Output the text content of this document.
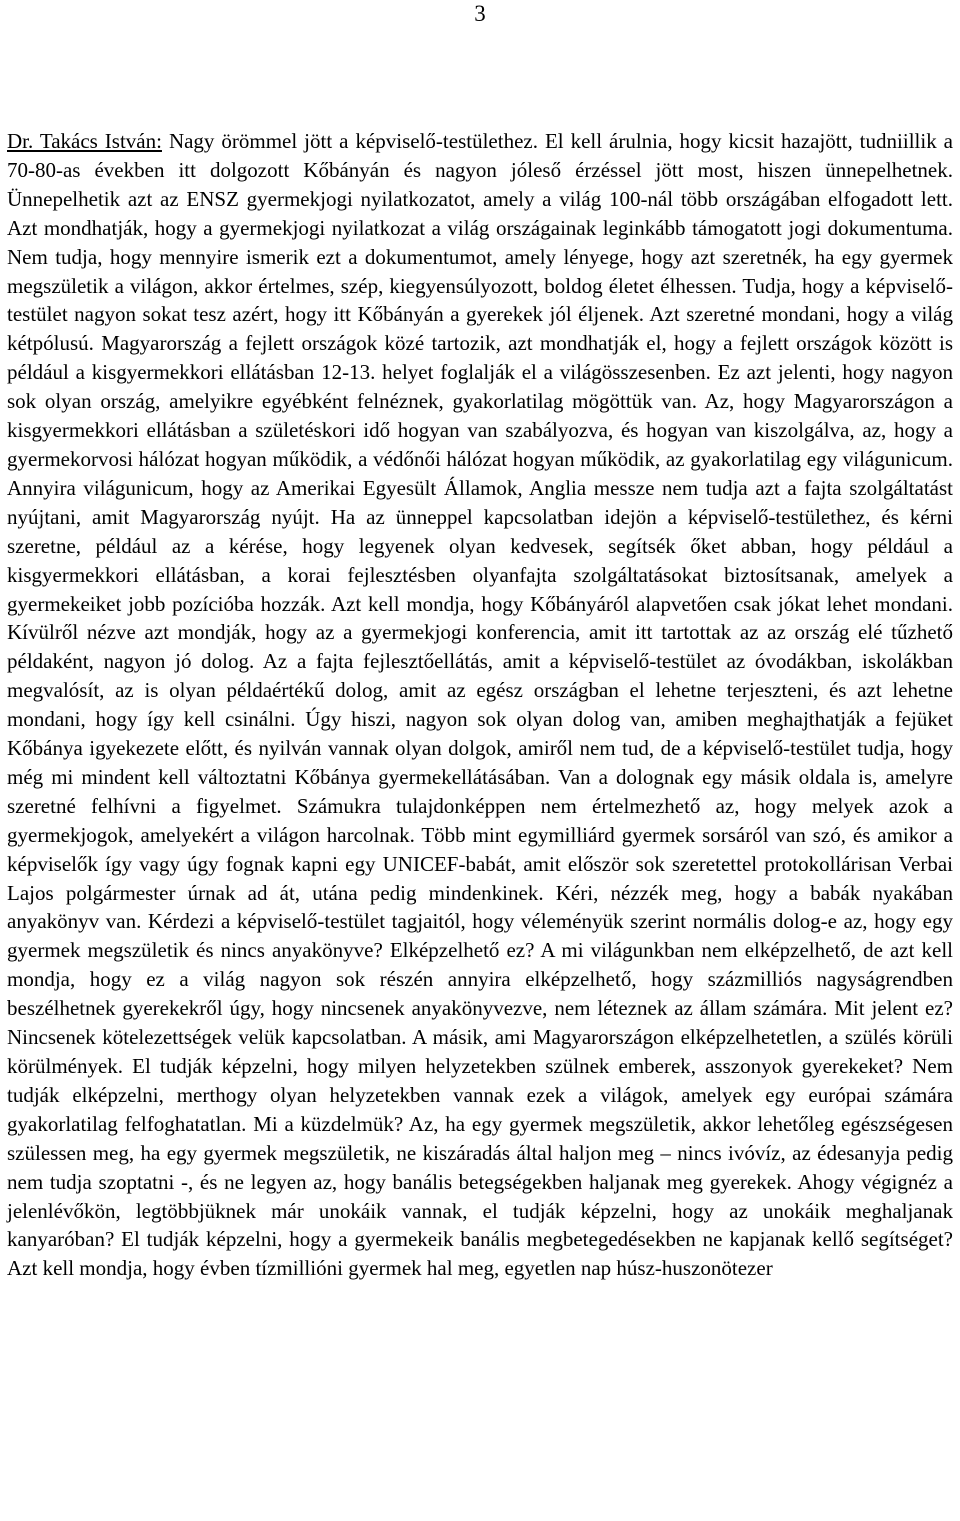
3

Dr. Takács István: Nagy örömmel jött a képviselő-testülethez. El kell árulnia, hogy kicsit hazajött, tudniillik a 70-80-as években itt dolgozott Kőbányán és nagyon jóleső érzéssel jött most, hiszen ünnepelhetnek. Ünnepelhetik azt az ENSZ gyermekjogi nyilatkozatot, amely a világ 100-nál több országában elfogadott lett. Azt mondhatják, hogy a gyermekjogi nyilatkozat a világ országainak leginkább támogatott jogi dokumentuma. Nem tudja, hogy mennyire ismerik ezt a dokumentumot, amely lényege, hogy azt szeretnék, ha egy gyermek megszületik a világon, akkor értelmes, szép, kiegyensúlyozott, boldog életet élhessen. Tudja, hogy a képviselő-testület nagyon sokat tesz azért, hogy itt Kőbányán a gyerekek jól éljenek. Azt szeretné mondani, hogy a világ kétpólusú. Magyarország a fejlett országok közé tartozik, azt mondhatják el, hogy a fejlett országok között is például a kisgyermekkori ellátásban 12-13. helyet foglalják el a világösszesenben. Ez azt jelenti, hogy nagyon sok olyan ország, amelyikre egyébként felnéznek, gyakorlatilag mögöttük van. Az, hogy Magyarországon a kisgyermekkori ellátásban a születéskori idő hogyan van szabályozva, és hogyan van kiszolgálva, az, hogy a gyermekorvosi hálózat hogyan működik, a védőnői hálózat hogyan működik, az gyakorlatilag egy világunicum. Annyira világunicum, hogy az Amerikai Egyesült Államok, Anglia messze nem tudja azt a fajta szolgáltatást nyújtani, amit Magyarország nyújt. Ha az ünneppel kapcsolatban idejön a képviselő-testülethez, és kérni szeretne, például az a kérése, hogy legyenek olyan kedvesek, segítsék őket abban, hogy például a kisgyermekkori ellátásban, a korai fejlesztésben olyanfajta szolgáltatásokat biztosítsanak, amelyek a gyermekeiket jobb pozícióba hozzák. Azt kell mondja, hogy Kőbányáról alapvetően csak jókat lehet mondani. Kívülről nézve azt mondják, hogy az a gyermekjogi konferencia, amit itt tartottak az az ország elé tűzhető példaként, nagyon jó dolog. Az a fajta fejlesztőellátás, amit a képviselő-testület az óvodákban, iskolákban megvalósít, az is olyan példaértékű dolog, amit az egész országban el lehetne terjeszteni, és azt lehetne mondani, hogy így kell csinálni. Úgy hiszi, nagyon sok olyan dolog van, amiben meghajthatják a fejüket Kőbánya igyekezete előtt, és nyilván vannak olyan dolgok, amiről nem tud, de a képviselő-testület tudja, hogy még mi mindent kell változtatni Kőbánya gyermekellátásában. Van a dolognak egy másik oldala is, amelyre szeretné felhívni a figyelmet. Számukra tulajdonképpen nem értelmezhető az, hogy melyek azok a gyermekjogok, amelyekért a világon harcolnak. Több mint egymilliárd gyermek sorsáról van szó, és amikor a képviselők így vagy úgy fognak kapni egy UNICEF-babát, amit először sok szeretettel protokollárisan Verbai Lajos polgármester úrnak ad át, utána pedig mindenkinek. Kéri, nézzék meg, hogy a babák nyakában anyakönyv van. Kérdezi a képviselő-testület tagjaitól, hogy véleményük szerint normális dolog-e az, hogy egy gyermek megszületik és nincs anyakönyve? Elképzelhető ez? A mi világunkban nem elképzelhető, de azt kell mondja, hogy ez a világ nagyon sok részén annyira elképzelhető, hogy százmilliós nagyságrendben beszélhetnek gyerekekről úgy, hogy nincsenek anyakönyvezve, nem léteznek az állam számára. Mit jelent ez? Nincsenek kötelezettségek velük kapcsolatban. A másik, ami Magyarországon elképzelhetetlen, a szülés körüli körülmények. El tudják képzelni, hogy milyen helyzetekben szülnek emberek, asszonyok gyerekeket? Nem tudják elképzelni, merthogy olyan helyzetekben vannak ezek a világok, amelyek egy európai számára gyakorlatilag felfoghatatlan. Mi a küzdelmük? Az, ha egy gyermek megszületik, akkor lehetőleg egészségesen szülessen meg, ha egy gyermek megszületik, ne kiszáradás által haljon meg – nincs ivóvíz, az édesanyja pedig nem tudja szoptatni -, és ne legyen az, hogy banális betegségekben haljanak meg gyerekek. Ahogy végignéz a jelenlévőkön, legtöbbjüknek már unokáik vannak, el tudják képzelni, hogy az unokáik meghaljanak kanyaróban? El tudják képzelni, hogy a gyermekeik banális megbetegedésekben ne kapjanak kellő segítséget? Azt kell mondja, hogy évben tízmillióni gyermek hal meg, egyetlen nap húsz-huszonötezer
